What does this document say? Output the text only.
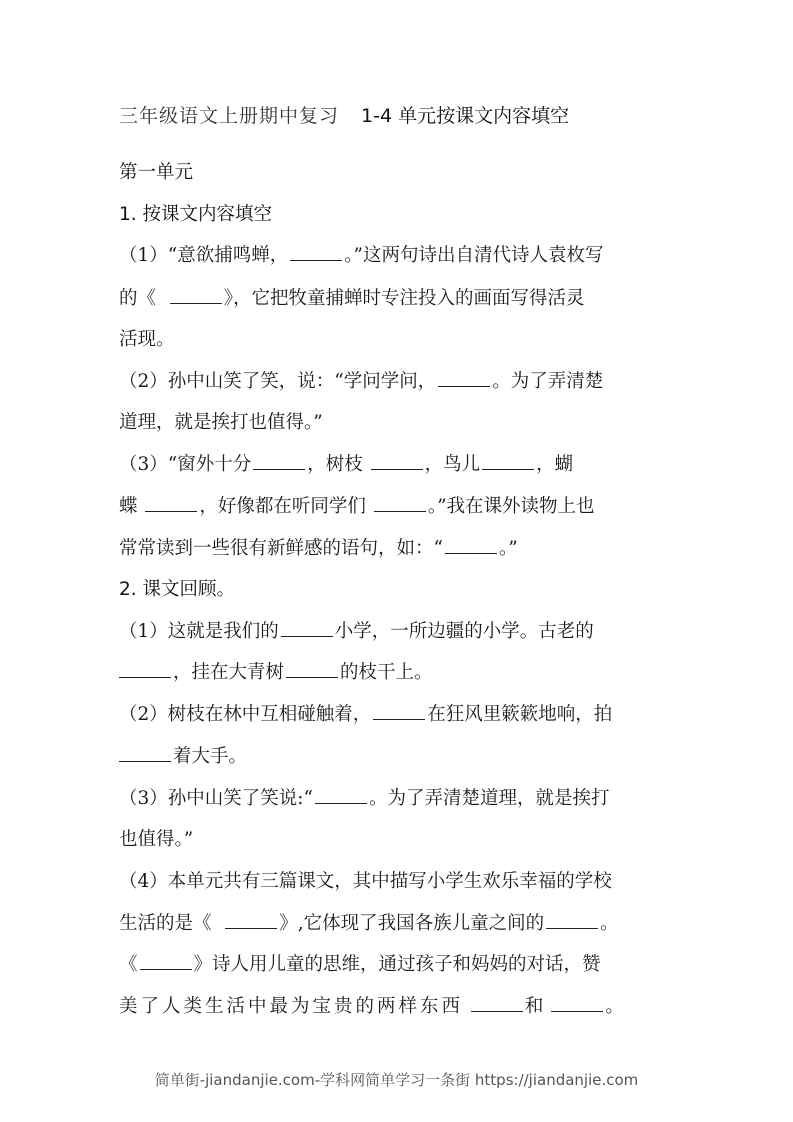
三年级语文上册期中复习 1-4 单元按课文内容填空
第一单元
1. 按课文内容填空
（1）“意欲捕鸣蝉，	。”这两句诗出自清代诗人袁枚写
的《	》，它把牧童捕蝉时专注投入的画面写得活灵
活现。
（2）孙中山笑了笑，说：“学问学问，	。为了弄清楚
道理，就是挨打也值得。”
（3）“窗外十分	，树枝	，鸟儿	，蝴
蝶	，好像都在听同学们	。”我在课外读物上也
常常读到一些很有新鲜感的语句，如：“	。”
2. 课文回顾。
（1）这就是我们的	小学，一所边疆的小学。古老的
，挂在大青树	的枝干上。
（2）树枝在林中互相碰触着，	在狂风里簌簌地响，拍
着大手。
（3）孙中山笑了笑说:“	。为了弄清楚道理，就是挨打
也值得。”
（4）本单元共有三篇课文，其中描写小学生欢乐幸福的学校
生活的是《	》,它体现了我国各族儿童之间的	。
《	》诗人用儿童的思维，通过孩子和妈妈的对话，赞
美了人类生活中最为宝贵的两样东西	和	。
简单街-jiandanjie.com-学科网简单学习一条街 https://jiandanjie.com
